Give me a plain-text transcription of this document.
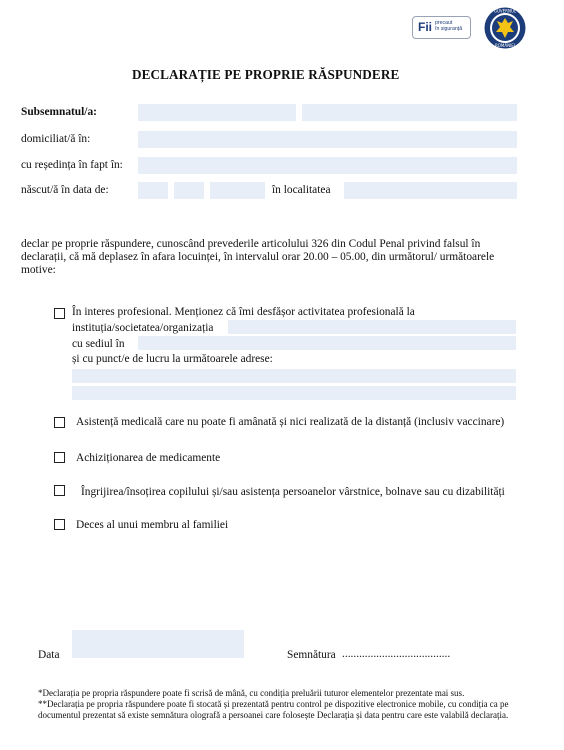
Fii precaut
în siguranță
GUVERNUL
ROMÂNIEI
DECLARAȚIE PE PROPRIE RĂSPUNDERE
Subsemnatul/a:
domiciliat/ă în:
cu reședința în fapt în:
născut/ă în data de:	în localitatea
declar pe proprie răspundere, cunoscând prevederile articolului 326 din Codul Penal privind falsul în declarații, că mă deplasez în afara locuinței, în intervalul orar 20.00 – 05.00, din următorul/ următoarele motive:
În interes profesional. Menționez că îmi desfășor activitatea profesională la
instituția/societatea/organizația
cu sediul în
și cu punct/e de lucru la următoarele adrese:
Asistență medicală care nu poate fi amânată și nici realizată de la distanță (inclusiv vaccinare)
Achiziționarea de medicamente
Îngrijirea/însoțirea copilului și/sau asistența persoanelor vârstnice, bolnave sau cu dizabilități
Deces al unui membru al familiei
Data	Semnătura ......................................
*Declarația pe propria răspundere poate fi scrisă de mână, cu condiția preluării tuturor elementelor prezentate mai sus.
**Declarația pe propria răspundere poate fi stocată și prezentată pentru control pe dispozitive electronice mobile, cu condiția ca pe documentul prezentat să existe semnătura olografă a persoanei care folosește Declarația și data pentru care este valabilă declarația.
